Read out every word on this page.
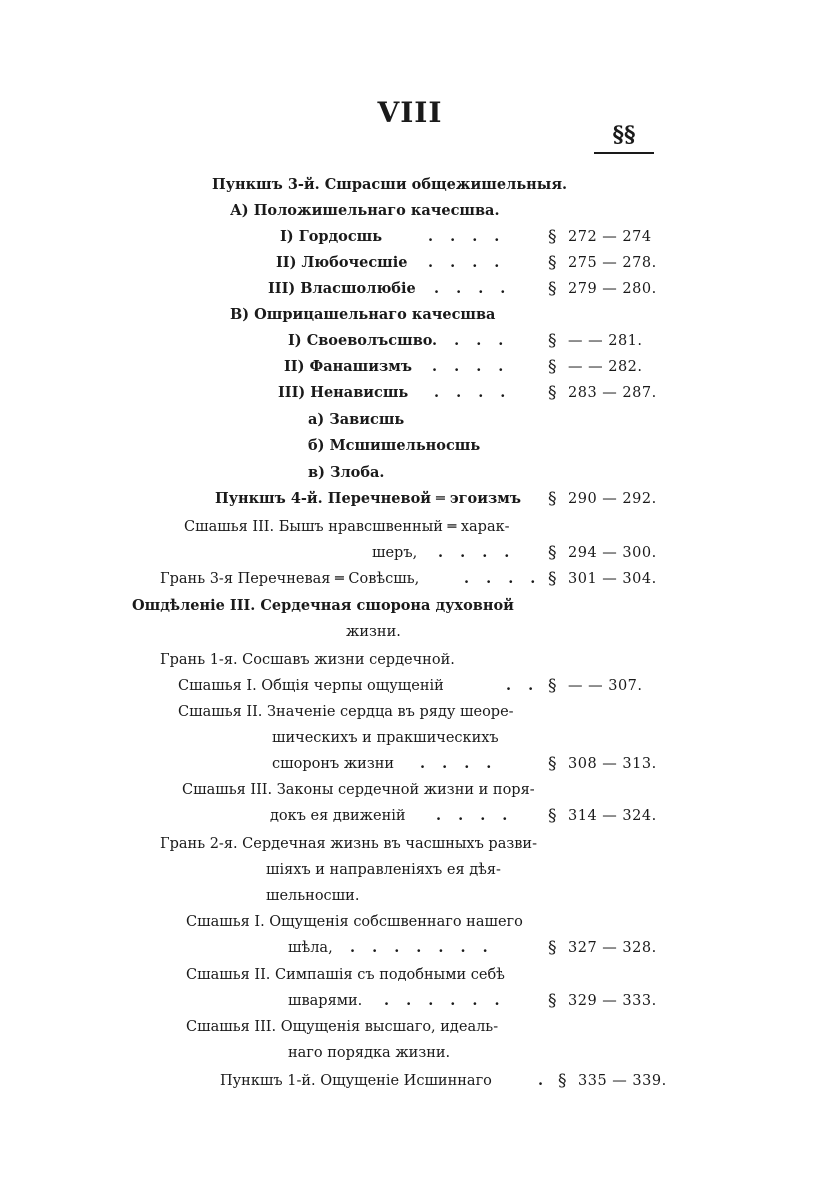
VIII
§§
Пункшъ 3-й. Сшрасши общежишельныя.
А) Положишельнаго качесшва.
I) Гордосшь	. . . .	§ 272 — 274
II) Любочесшіе . . . .	§ 275 — 278.
III) Власшолюбіе . . . . § 279 — 280.
В) Ошрицашельнаго качесшва
I) Своеволъсшво . . . . § — — 281.
II) Фанашизмъ . . . . § — — 282.
III) Ненависшь . . . . § 283 — 287.
а) Зависшь
б) Мсшишельносшь
в) Злоба.
Пункшъ 4-й. Перечневой ═ эгоизмъ § 290 — 292.
Сшашья III. Бышъ нравсшвенный ═ харак-
шеръ, . . . . § 294 — 300.
Грань 3-я Перечневая ═ Совѣсшь,	. . . . § 301 — 304.
Ошдѣленіе III. Сердечная сшорона духовной
жизни.
Грань 1-я. Сосшавъ жизни сердечной.
Сшашья I. Общія черпы ощущеній	. . § — — 307.
Сшашья II. Значеніе сердца въ ряду шеоре-
шическихъ и пракшическихъ
сшоронъ жизни . . . .	§ 308 — 313.
Сшашья III. Законы сердечной жизни и поря-
докъ ея движеній . . . . § 314 — 324.
Грань 2-я. Сердечная жизнь въ часшныхъ разви-
шіяхъ и направленіяхъ ея дѣя-
шельносши.
Сшашья I. Ощущенія собсшвеннаго нашего
шѣла, . . . . . . .	§ 327 — 328.
Сшашья II. Симпашія съ подобными себѣ
шварями. . . . . . . § 329 — 333.
Сшашья III. Ощущенія высшаго, идеаль-
наго порядка жизни.
Пункшъ 1-й. Ощущеніе Исшиннаго	. § 335 — 339.
